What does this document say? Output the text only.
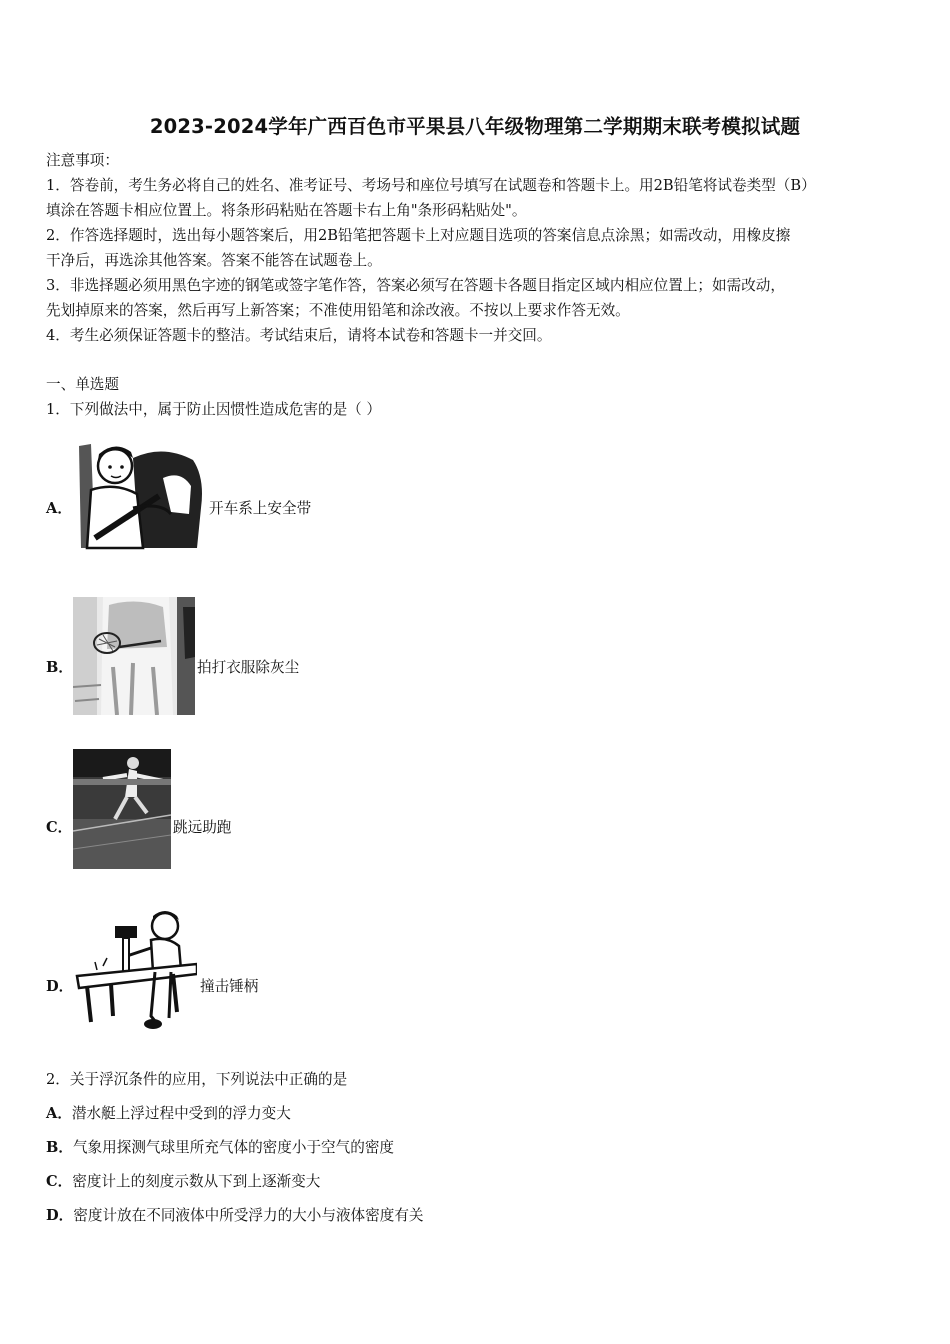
2023-2024学年广西百色市平果县八年级物理第二学期期末联考模拟试题
注意事项：
1．答卷前，考生务必将自己的姓名、准考证号、考场号和座位号填写在试题卷和答题卡上。用2B铅笔将试卷类型（B）
填涂在答题卡相应位置上。将条形码粘贴在答题卡右上角"条形码粘贴处"。
2．作答选择题时，选出每小题答案后，用2B铅笔把答题卡上对应题目选项的答案信息点涂黑；如需改动，用橡皮擦
干净后，再选涂其他答案。答案不能答在试题卷上。
3．非选择题必须用黑色字迹的钢笔或签字笔作答，答案必须写在答题卡各题目指定区域内相应位置上；如需改动，
先划掉原来的答案，然后再写上新答案；不准使用铅笔和涂改液。不按以上要求作答无效。
4．考生必须保证答题卡的整洁。考试结束后，请将本试卷和答题卡一并交回。
一、单选题
1．下列做法中，属于防止因惯性造成危害的是（ ）
A．	开车系上安全带
B．	拍打衣服除灰尘
C．	跳远助跑
D．	撞击锤柄
2．关于浮沉条件的应用，下列说法中正确的是
A．潜水艇上浮过程中受到的浮力变大
B．气象用探测气球里所充气体的密度小于空气的密度
C．密度计上的刻度示数从下到上逐渐变大
D．密度计放在不同液体中所受浮力的大小与液体密度有关
